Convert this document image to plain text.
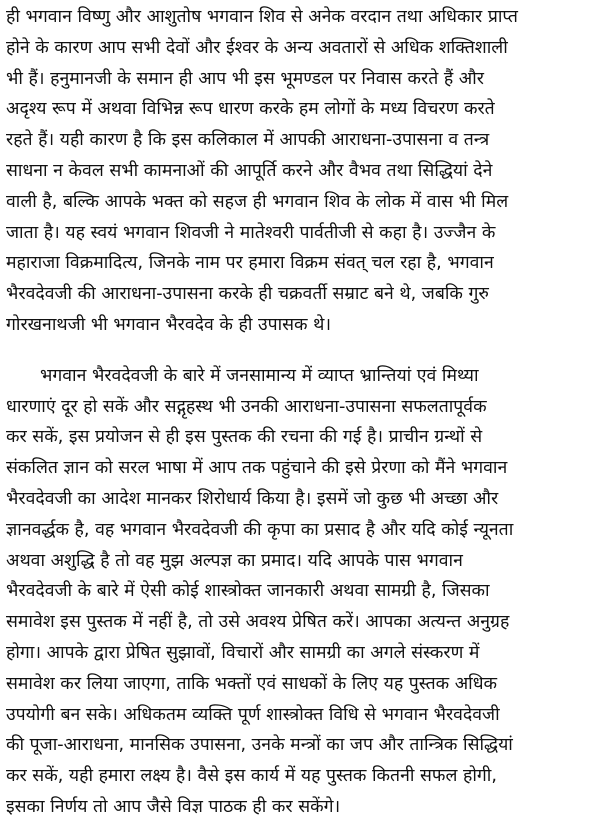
ही भगवान विष्णु और आशुतोष भगवान शिव से अनेक वरदान तथा अधिकार प्राप्त
होने के कारण आप सभी देवों और ईश्वर के अन्य अवतारों से अधिक शक्तिशाली
भी हैं। हनुमानजी के समान ही आप भी इस भूमण्डल पर निवास करते हैं और
अदृश्य रूप में अथवा विभिन्न रूप धारण करके हम लोगों के मध्य विचरण करते
रहते हैं। यही कारण है कि इस कलिकाल में आपकी आराधना-उपासना व तन्त्र
साधना न केवल सभी कामनाओं की आपूर्ति करने और वैभव तथा सिद्धियां देने
वाली है, बल्कि आपके भक्त को सहज ही भगवान शिव के लोक में वास भी मिल
जाता है। यह स्वयं भगवान शिवजी ने मातेश्वरी पार्वतीजी से कहा है। उज्जैन के
महाराजा विक्रमादित्य, जिनके नाम पर हमारा विक्रम संवत् चल रहा है, भगवान
भैरवदेवजी की आराधना-उपासना करके ही चक्रवर्ती सम्राट बने थे, जबकि गुरु
गोरखनाथजी भी भगवान भैरवदेव के ही उपासक थे।
भगवान भैरवदेवजी के बारे में जनसामान्य में व्याप्त भ्रान्तियां एवं मिथ्या
धारणाएं दूर हो सकें और सद्गृहस्थ भी उनकी आराधना-उपासना सफलतापूर्वक
कर सकें, इस प्रयोजन से ही इस पुस्तक की रचना की गई है। प्राचीन ग्रन्थों से
संकलित ज्ञान को सरल भाषा में आप तक पहुंचाने की इसे प्रेरणा को मैंने भगवान
भैरवदेवजी का आदेश मानकर शिरोधार्य किया है। इसमें जो कुछ भी अच्छा और
ज्ञानवर्द्धक है, वह भगवान भैरवदेवजी की कृपा का प्रसाद है और यदि कोई न्यूनता
अथवा अशुद्धि है तो वह मुझ अल्पज्ञ का प्रमाद। यदि आपके पास भगवान
भैरवदेवजी के बारे में ऐसी कोई शास्त्रोक्त जानकारी अथवा सामग्री है, जिसका
समावेश इस पुस्तक में नहीं है, तो उसे अवश्य प्रेषित करें। आपका अत्यन्त अनुग्रह
होगा। आपके द्वारा प्रेषित सुझावों, विचारों और सामग्री का अगले संस्करण में
समावेश कर लिया जाएगा, ताकि भक्तों एवं साधकों के लिए यह पुस्तक अधिक
उपयोगी बन सके। अधिकतम व्यक्ति पूर्ण शास्त्रोक्त विधि से भगवान भैरवदेवजी
की पूजा-आराधना, मानसिक उपासना, उनके मन्त्रों का जप और तान्त्रिक सिद्धियां
कर सकें, यही हमारा लक्ष्य है। वैसे इस कार्य में यह पुस्तक कितनी सफल होगी,
इसका निर्णय तो आप जैसे विज्ञ पाठक ही कर सकेंगे।
